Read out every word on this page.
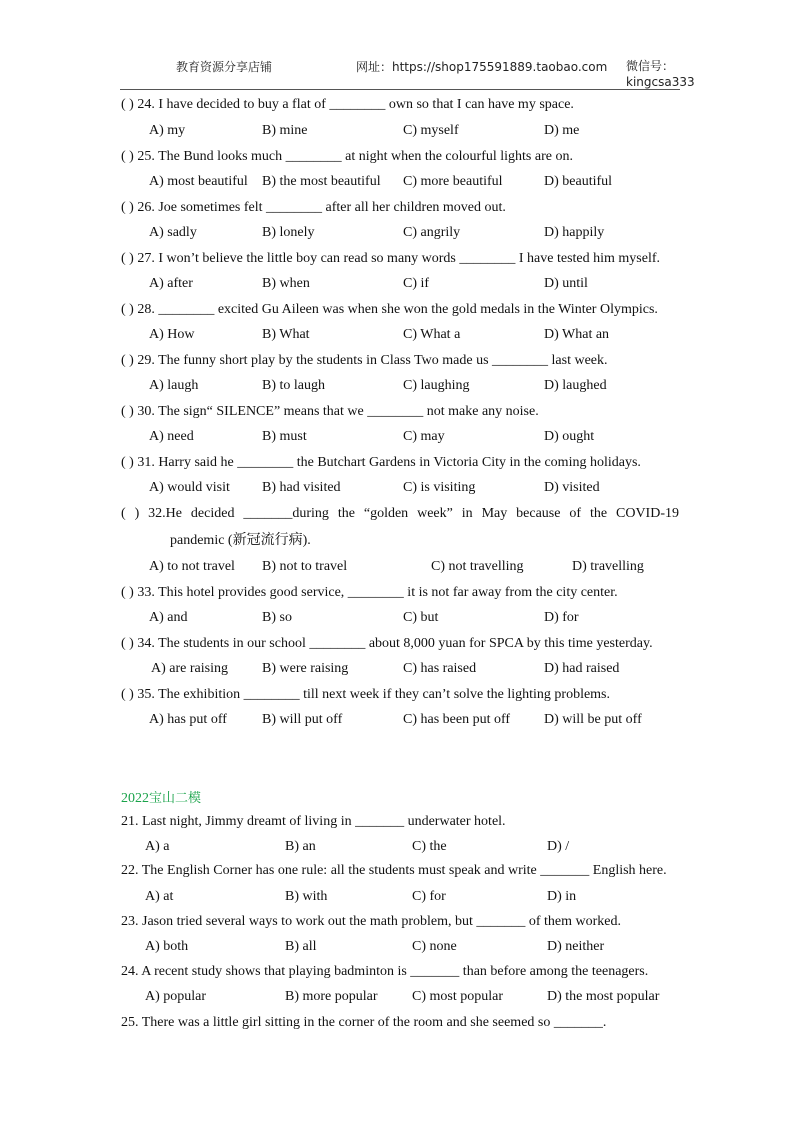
教育资源分享店铺	网址：https://shop175591889.taobao.com 微信号：
kingcsa333
( ) 24. I have decided to buy a flat of ________ own so that I can have my space.
A) my	B) mine	C) myself	D) me
( ) 25. The Bund looks much ________ at night when the colourful lights are on.
A) most beautiful B) the most beautiful C) more beautiful	D) beautiful
( ) 26. Joe sometimes felt ________ after all her children moved out.
A) sadly	B) lonely	C) angrily	D) happily
( ) 27. I won’t believe the little boy can read so many words ________ I have tested him myself.
A) after	B) when	C) if	D) until
( ) 28. ________ excited Gu Aileen was when she won the gold medals in the Winter Olympics.
A) How	B) What	C) What a	D) What an
( ) 29. The funny short play by the students in Class Two made us ________ last week.
A) laugh	B) to laugh	C) laughing	D) laughed
( ) 30. The sign“ SILENCE” means that we ________ not make any noise.
A) need	B) must	C) may	D) ought
( ) 31. Harry said he ________ the Butchart Gardens in Victoria City in the coming holidays.
A) would visit B) had visited	C) is visiting	D) visited
( ) 32.He decided _______during the “golden week” in May because of the COVID-19
pandemic (新冠流行病).
A) to not travel B) not to travel	C) not travelling	D) travelling
( ) 33. This hotel provides good service, ________ it is not far away from the city center.
A) and	B) so	C) but	D) for
( ) 34. The students in our school ________ about 8,000 yuan for SPCA by this time yesterday.
A) are raising B) were raising	C) has raised	D) had raised
( ) 35. The exhibition ________ till next week if they can’t solve the lighting problems.
A) has put off	B) will put off	C) has been put off D) will be put off
2022宝山二模
21. Last night, Jimmy dreamt of living in _______ underwater hotel.
A) a	B) an	C) the	D) /
22. The English Corner has one rule: all the students must speak and write _______ English here.
A) at	B) with	C) for	D) in
23. Jason tried several ways to work out the math problem, but _______ of them worked.
A) both	B) all	C) none	D) neither
24. A recent study shows that playing badminton is _______ than before among the teenagers.
A) popular	B) more popular C) most popular	D) the most popular
25. There was a little girl sitting in the corner of the room and she seemed so _______.
